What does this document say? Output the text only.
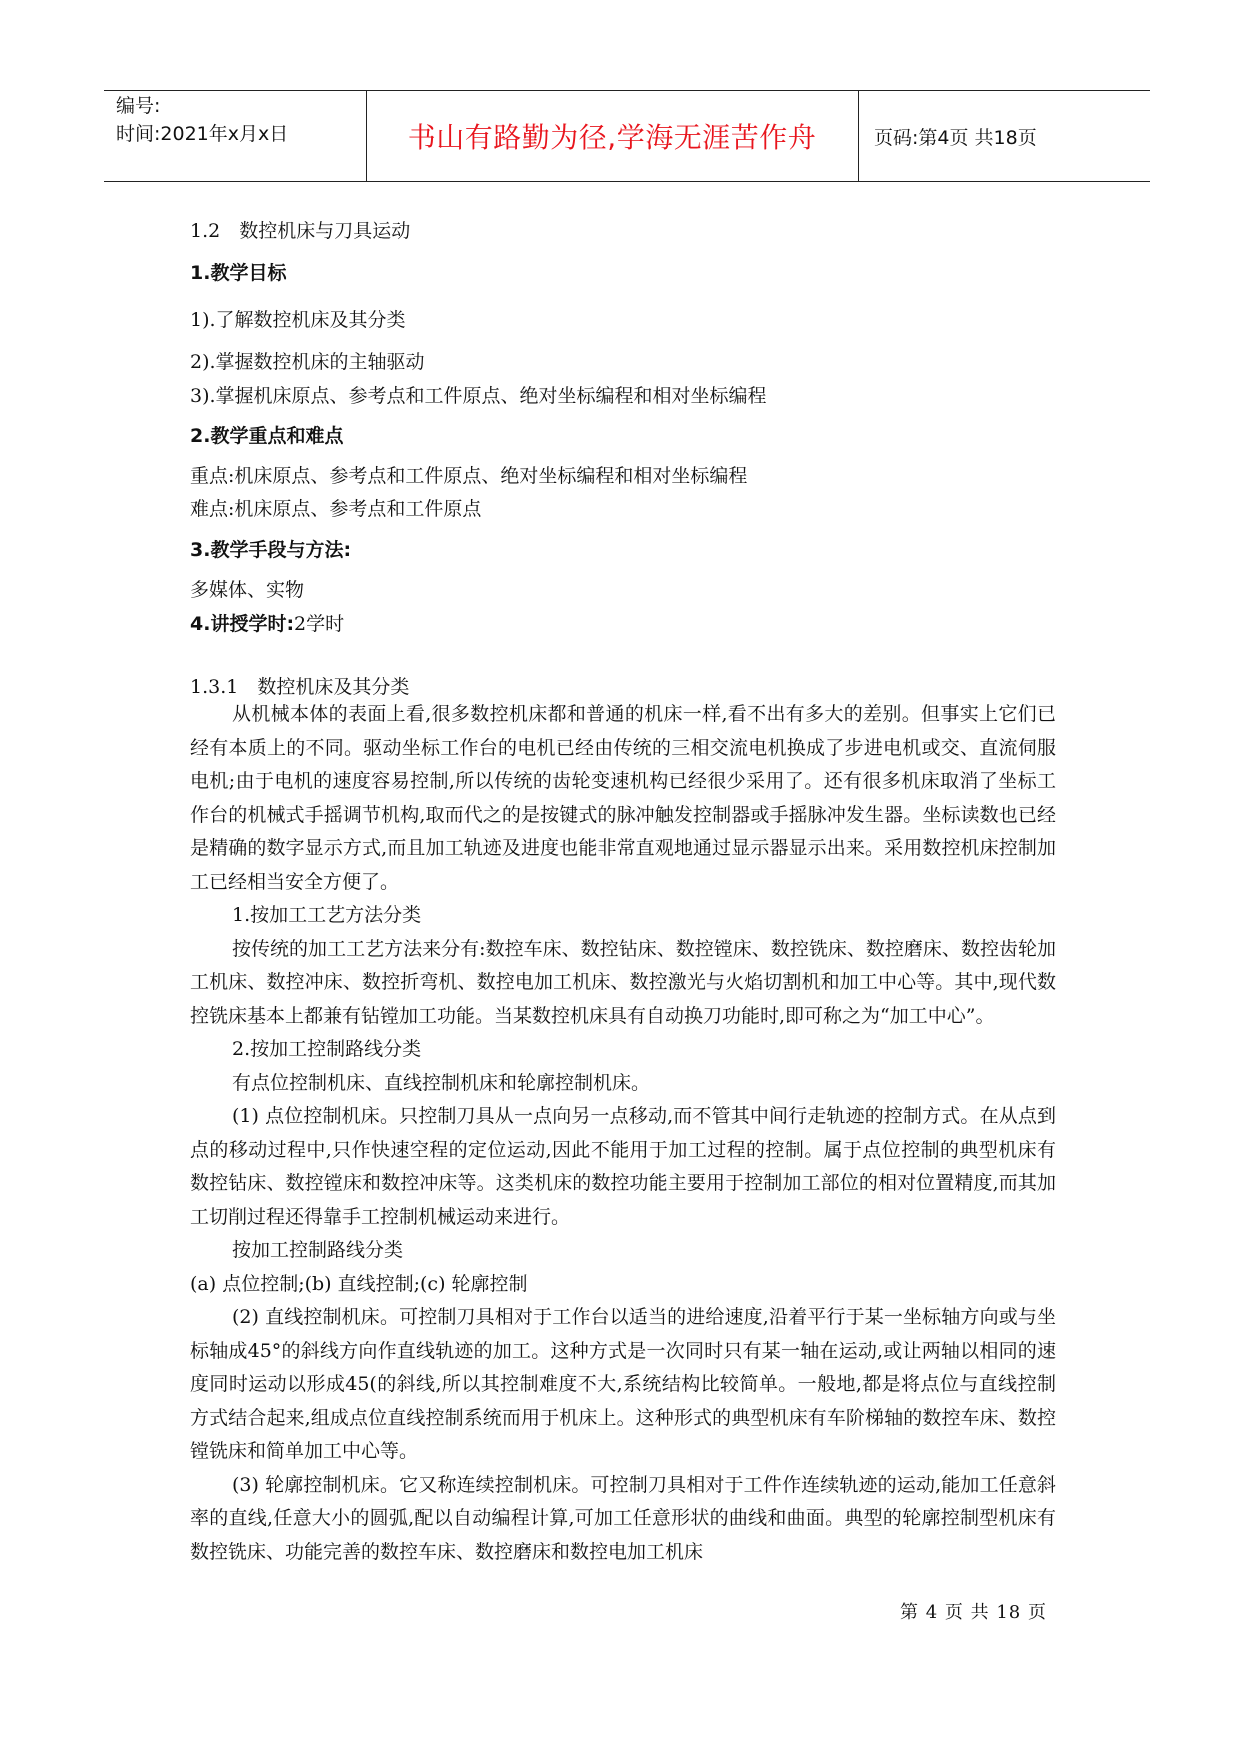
编号:
时间:2021年x月x日	书山有路勤为径,学海无涯苦作舟	页码:第4页 共18页
1.2　数控机床与刀具运动
1.教学目标
1).了解数控机床及其分类
2).掌握数控机床的主轴驱动
3).掌握机床原点、参考点和工件原点、绝对坐标编程和相对坐标编程
2.教学重点和难点
重点:机床原点、参考点和工件原点、绝对坐标编程和相对坐标编程
难点:机床原点、参考点和工件原点
3.教学手段与方法:
多媒体、实物
4.讲授学时:2学时
1.3.1　数控机床及其分类

从机械本体的表面上看,很多数控机床都和普通的机床一样,看不出有多大的差别。但事实上它们已经有本质上的不同。驱动坐标工作台的电机已经由传统的三相交流电机换成了步进电机或交、直流伺服电机;由于电机的速度容易控制,所以传统的齿轮变速机构已经很少采用了。还有很多机床取消了坐标工作台的机械式手摇调节机构,取而代之的是按键式的脉冲触发控制器或手摇脉冲发生器。坐标读数也已经是精确的数字显示方式,而且加工轨迹及进度也能非常直观地通过显示器显示出来。采用数控机床控制加工已经相当安全方便了。

1.按加工工艺方法分类

按传统的加工工艺方法来分有:数控车床、数控钻床、数控镗床、数控铣床、数控磨床、数控齿轮加工机床、数控冲床、数控折弯机、数控电加工机床、数控激光与火焰切割机和加工中心等。其中,现代数控铣床基本上都兼有钻镗加工功能。当某数控机床具有自动换刀功能时,即可称之为“加工中心”。

2.按加工控制路线分类

有点位控制机床、直线控制机床和轮廓控制机床。

(1) 点位控制机床。只控制刀具从一点向另一点移动,而不管其中间行走轨迹的控制方式。在从点到点的移动过程中,只作快速空程的定位运动,因此不能用于加工过程的控制。属于点位控制的典型机床有数控钻床、数控镗床和数控冲床等。这类机床的数控功能主要用于控制加工部位的相对位置精度,而其加工切削过程还得靠手工控制机械运动来进行。

按加工控制路线分类

(a) 点位控制;(b) 直线控制;(c) 轮廓控制

(2) 直线控制机床。可控制刀具相对于工作台以适当的进给速度,沿着平行于某一坐标轴方向或与坐标轴成45°的斜线方向作直线轨迹的加工。这种方式是一次同时只有某一轴在运动,或让两轴以相同的速度同时运动以形成45(的斜线,所以其控制难度不大,系统结构比较简单。一般地,都是将点位与直线控制方式结合起来,组成点位直线控制系统而用于机床上。这种形式的典型机床有车阶梯轴的数控车床、数控镗铣床和简单加工中心等。

(3) 轮廓控制机床。它又称连续控制机床。可控制刀具相对于工件作连续轨迹的运动,能加工任意斜率的直线,任意大小的圆弧,配以自动编程计算,可加工任意形状的曲线和曲面。典型的轮廓控制型机床有数控铣床、功能完善的数控车床、数控磨床和数控电加工机床

第 4 页 共 18 页
